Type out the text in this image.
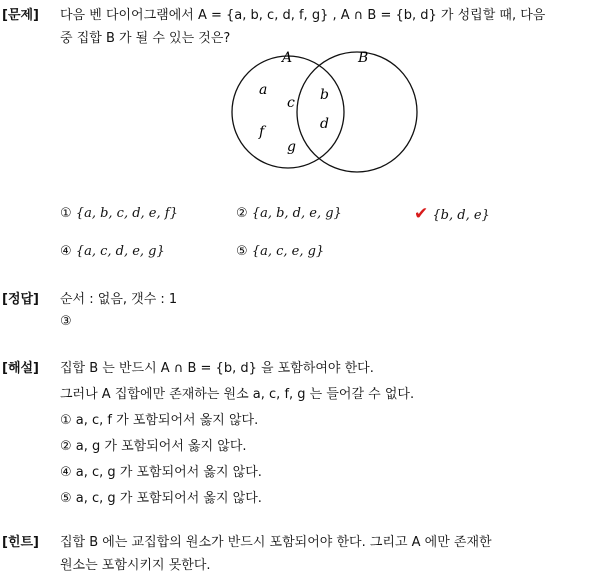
[문제] 다음 벤 다이어그램에서 A = {a, b, c, d, f, g} , A ∩ B = {b, d} 가 성립할 때, 다음
중 집합 B 가 될 수 있는 것은?
A	B
a
c
f
g
b
d
① {a, b, c, d, e, f}	② {a, b, d, e, g}	✔ {b, d, e}
④ {a, c, d, e, g}	⑤ {a, c, e, g}
[정답] 순서 : 없음, 갯수 : 1
③
[해설] 집합 B 는 반드시 A ∩ B = {b, d} 을 포함하여야 한다.
그러나 A 집합에만 존재하는 원소 a, c, f, g 는 들어갈 수 없다.
① a, c, f 가 포함되어서 옳지 않다.
② a, g 가 포함되어서 옳지 않다.
④ a, c, g 가 포함되어서 옳지 않다.
⑤ a, c, g 가 포함되어서 옳지 않다.
[힌트] 집합 B 에는 교집합의 원소가 반드시 포함되어야 한다. 그리고 A 에만 존재한
원소는 포함시키지 못한다.
